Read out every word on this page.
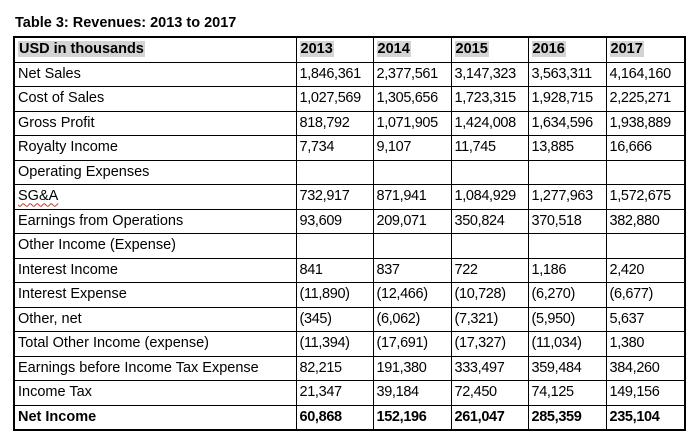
Table 3: Revenues: 2013 to 2017
USD in thousands	2013	2014	2015	2016	2017
Net Sales	1,846,361	2,377,561	3,147,323	3,563,311	4,164,160
Cost of Sales	1,027,569	1,305,656	1,723,315	1,928,715	2,225,271
Gross Profit	818,792	1,071,905	1,424,008	1,634,596	1,938,889
Royalty Income	7,734	9,107	11,745	13,885	16,666
Operating Expenses					
SG&A	732,917	871,941	1,084,929	1,277,963	1,572,675
Earnings from Operations	93,609	209,071	350,824	370,518	382,880
Other Income (Expense)					
Interest Income	841	837	722	1,186	2,420
Interest Expense	(11,890)	(12,466)	(10,728)	(6,270)	(6,677)
Other, net	(345)	(6,062)	(7,321)	(5,950)	5,637
Total Other Income (expense)	(11,394)	(17,691)	(17,327)	(11,034)	1,380
Earnings before Income Tax Expense	82,215	191,380	333,497	359,484	384,260
Income Tax	21,347	39,184	72,450	74,125	149,156
Net Income	60,868	152,196	261,047	285,359	235,104
